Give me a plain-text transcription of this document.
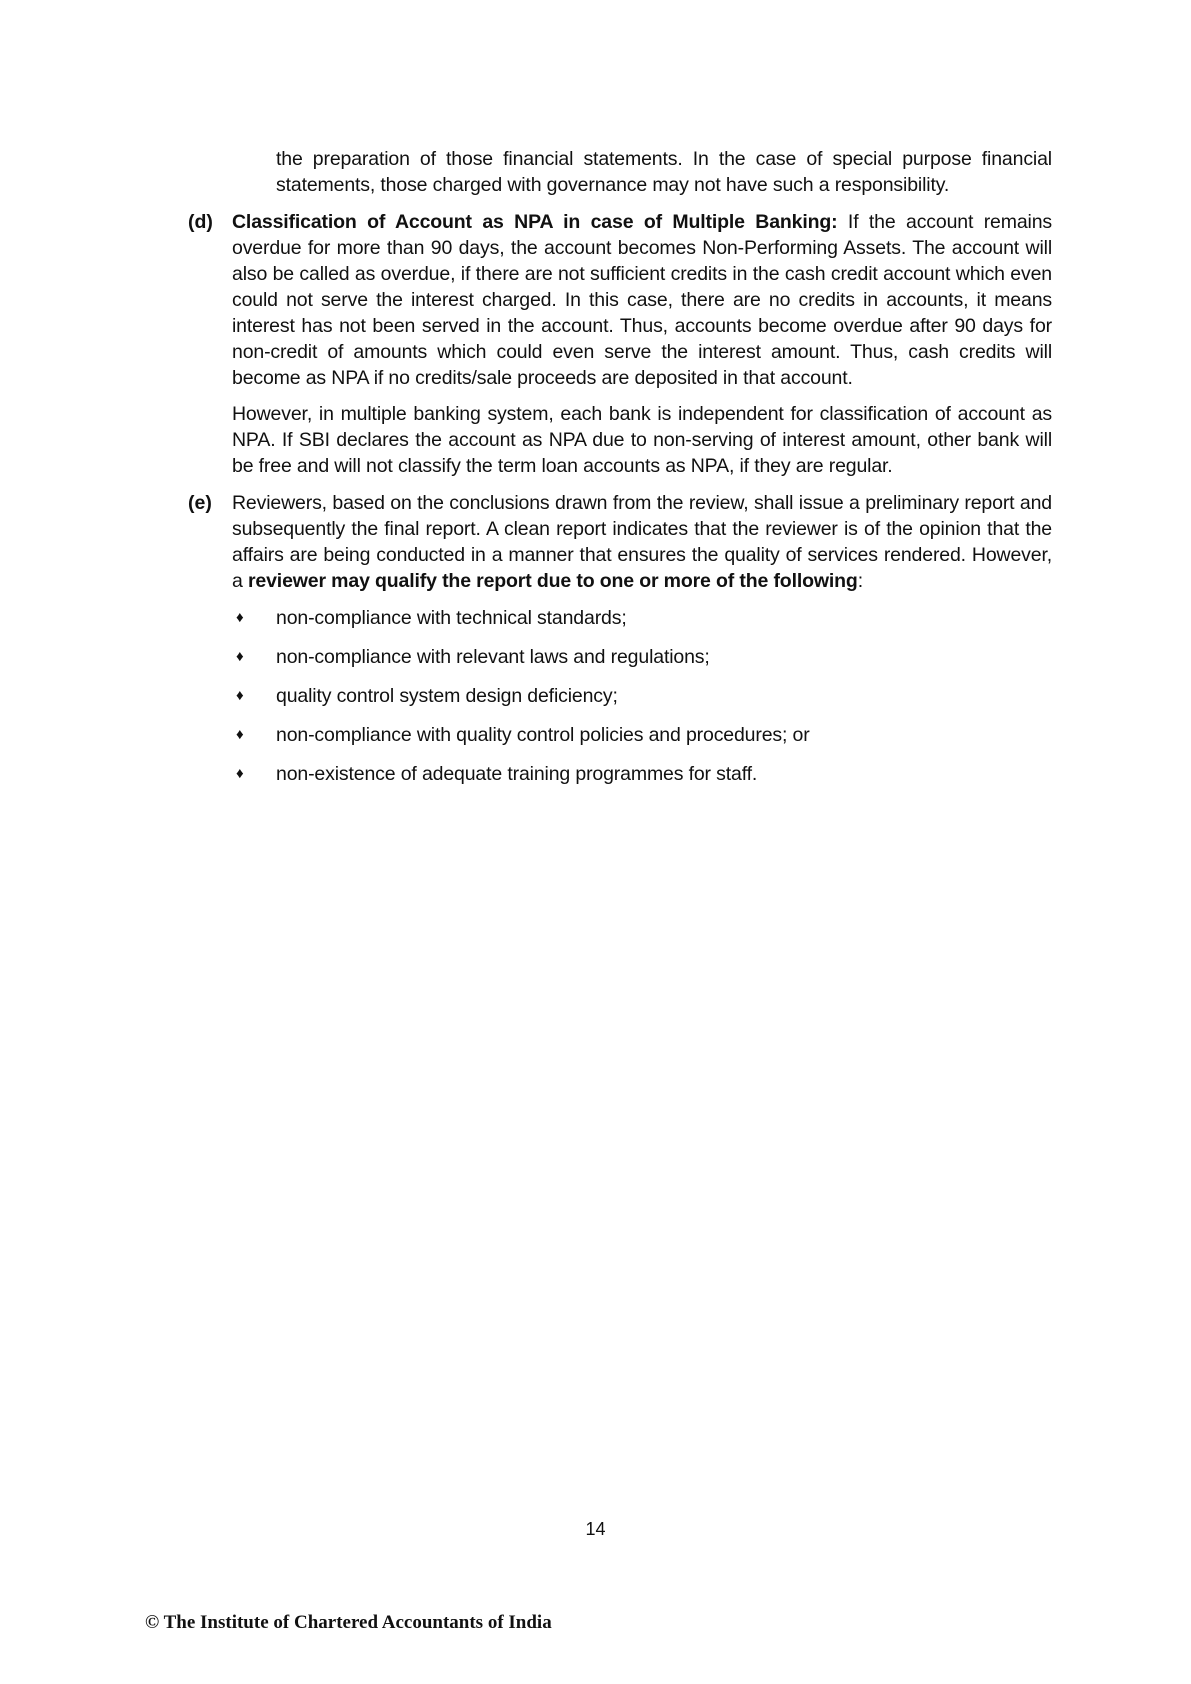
the preparation of those financial statements. In the case of special purpose financial statements, those charged with governance may not have such a responsibility.
(d) Classification of Account as NPA in case of Multiple Banking: If the account remains overdue for more than 90 days, the account becomes Non-Performing Assets. The account will also be called as overdue, if there are not sufficient credits in the cash credit account which even could not serve the interest charged. In this case, there are no credits in accounts, it means interest has not been served in the account. Thus, accounts become overdue after 90 days for non-credit of amounts which could even serve the interest amount. Thus, cash credits will become as NPA if no credits/sale proceeds are deposited in that account.
However, in multiple banking system, each bank is independent for classification of account as NPA. If SBI declares the account as NPA due to non-serving of interest amount, other bank will be free and will not classify the term loan accounts as NPA, if they are regular.
(e) Reviewers, based on the conclusions drawn from the review, shall issue a preliminary report and subsequently the final report. A clean report indicates that the reviewer is of the opinion that the affairs are being conducted in a manner that ensures the quality of services rendered. However, a reviewer may qualify the report due to one or more of the following:
♦ non-compliance with technical standards;
♦ non-compliance with relevant laws and regulations;
♦ quality control system design deficiency;
♦ non-compliance with quality control policies and procedures; or
♦ non-existence of adequate training programmes for staff.
14
© The Institute of Chartered Accountants of India
